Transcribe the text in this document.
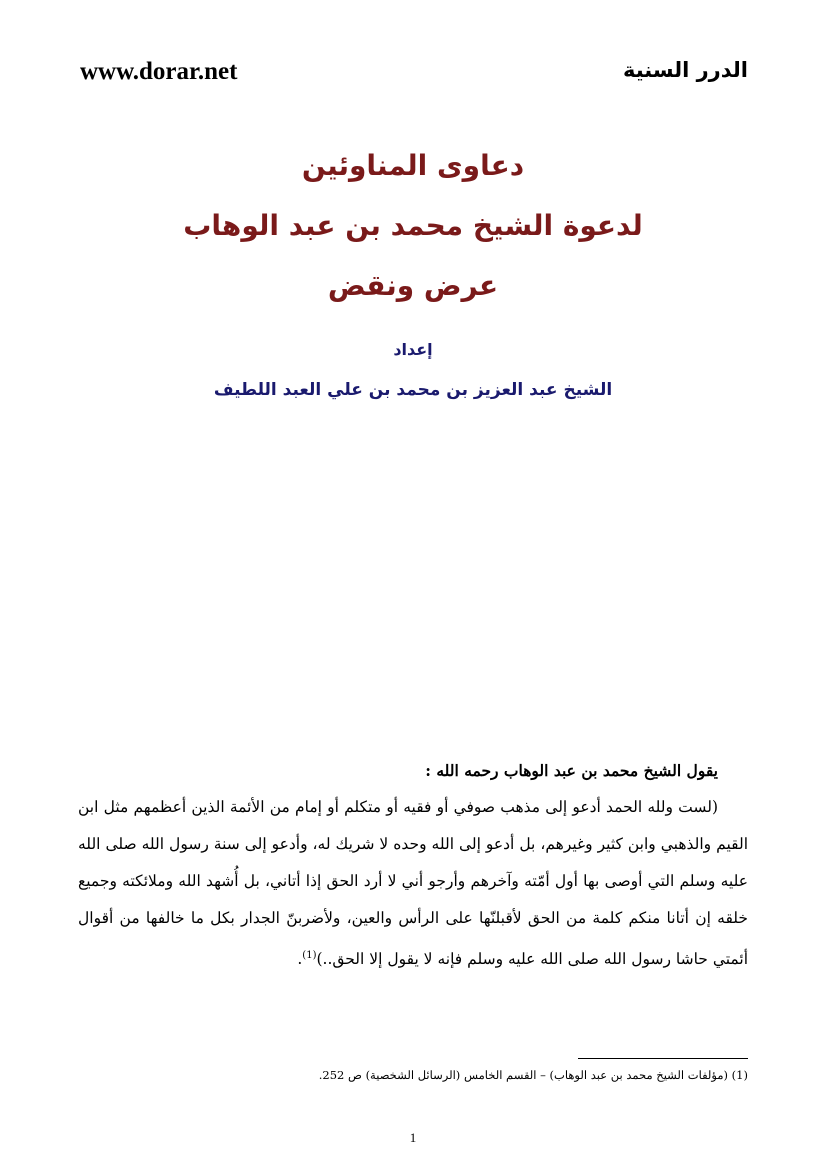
www.dorar.net	الدرر السنية
دعاوى المناوئين
لدعوة الشيخ محمد بن عبد الوهاب
عرض ونقض
إعداد
الشيخ عبد العزيز بن محمد بن علي العبد اللطيف
يقول الشيخ محمد بن عبد الوهاب رحمه الله :
(لست ولله الحمد أدعو إلى مذهب صوفي أو فقيه أو متكلم أو إمام من الأئمة الذين أعظمهم مثل ابن القيم والذهبي وابن كثير وغيرهم، بل أدعو إلى الله وحده لا شريك له، وأدعو إلى سنة رسول الله صلى الله عليه وسلم التي أوصى بها أول أمّته وآخرهم وأرجو أني لا أرد الحق إذا أتاني، بل أُشهد الله وملائكته وجميع خلقه إن أتانا منكم كلمة من الحق لأقبلنّها على الرأس والعين، ولأضربنّ الجدار بكل ما خالفها من أقوال أئمتي حاشا رسول الله صلى الله عليه وسلم فإنه لا يقول إلا الحق..)$^{(1)}$.
(1) (مؤلفات الشيخ محمد بن عبد الوهاب) – القسم الخامس (الرسائل الشخصية) ص 252.
1
